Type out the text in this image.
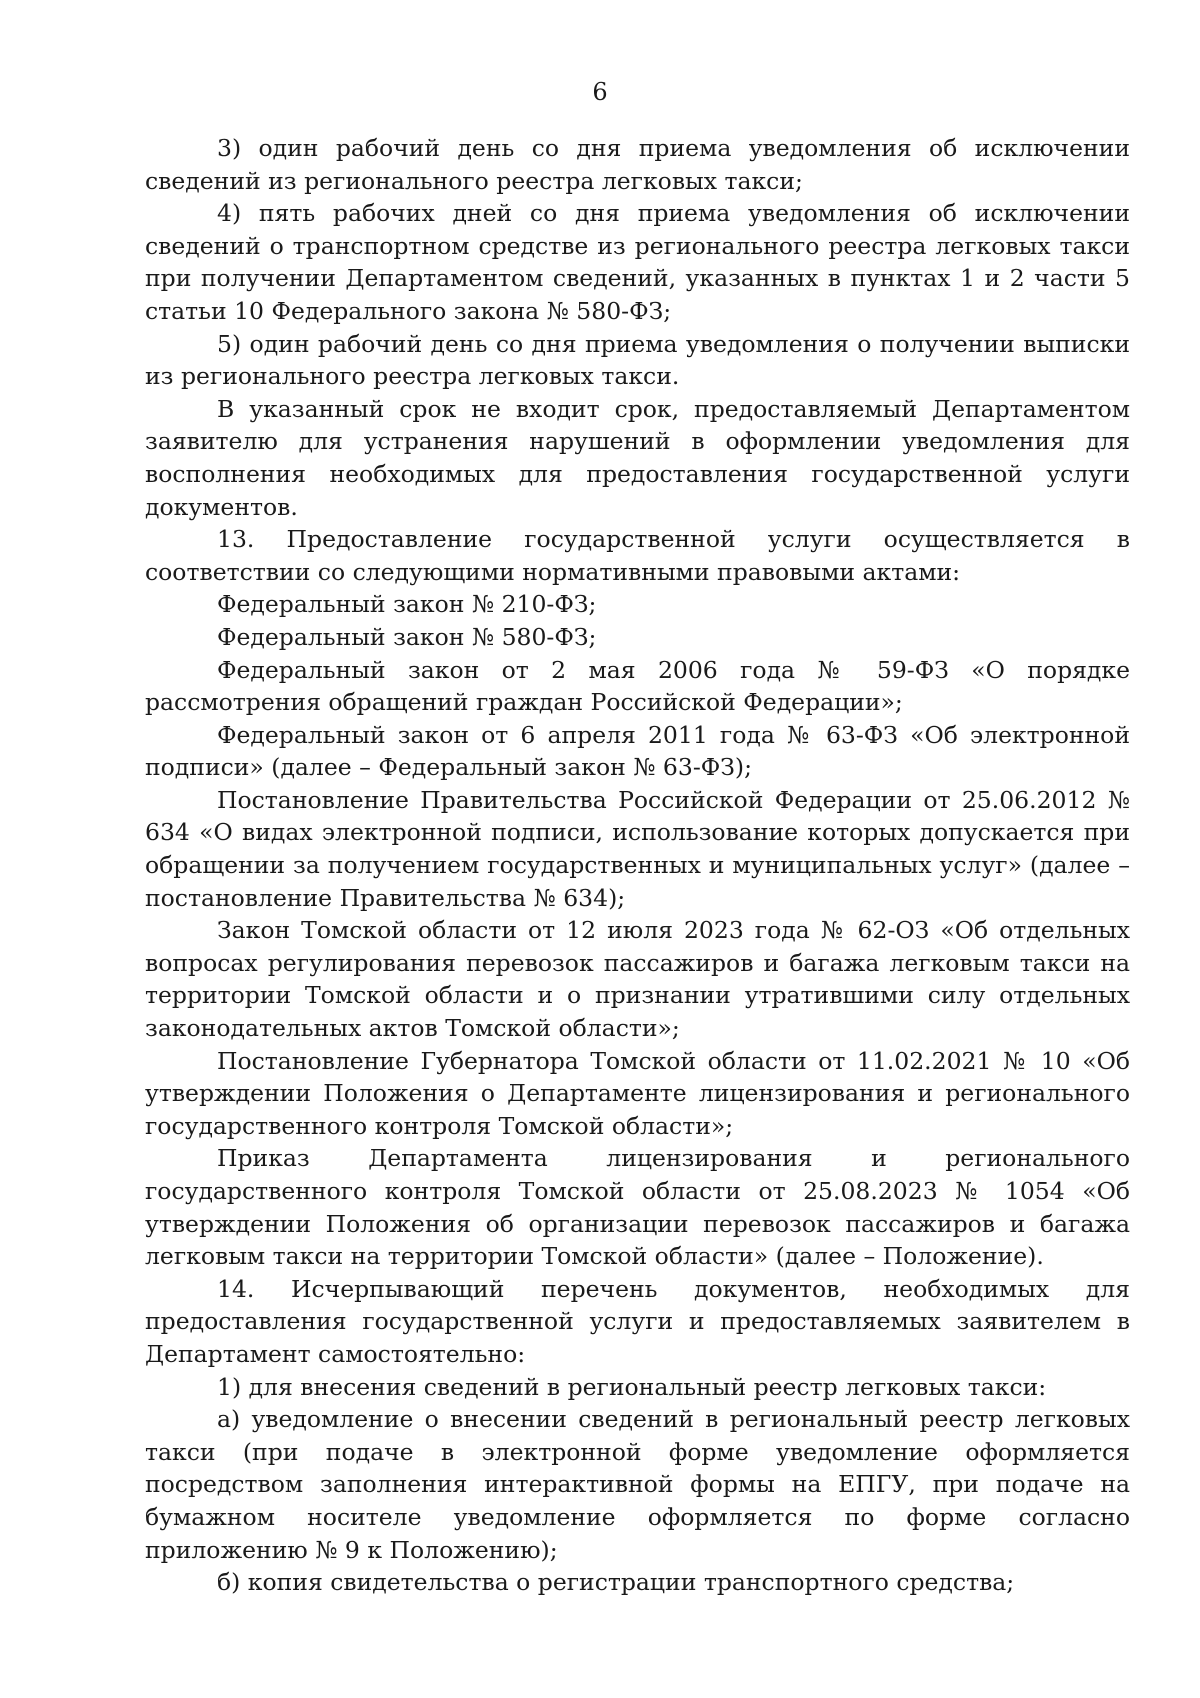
6

3) один рабочий день со дня приема уведомления об исключении сведений из регионального реестра легковых такси;

4) пять рабочих дней со дня приема уведомления об исключении сведений о транспортном средстве из регионального реестра легковых такси при получении Департаментом сведений, указанных в пунктах 1 и 2 части 5 статьи 10 Федерального закона № 580-ФЗ;

5) один рабочий день со дня приема уведомления о получении выписки из регионального реестра легковых такси.

В указанный срок не входит срок, предоставляемый Департаментом заявителю для устранения нарушений в оформлении уведомления для восполнения необходимых для предоставления государственной услуги документов.

13. Предоставление государственной услуги осуществляется в соответствии со следующими нормативными правовыми актами:

Федеральный закон № 210-ФЗ;

Федеральный закон № 580-ФЗ;

Федеральный закон от 2 мая 2006 года № 59-ФЗ «О порядке рассмотрения обращений граждан Российской Федерации»;

Федеральный закон от 6 апреля 2011 года № 63-ФЗ «Об электронной подписи» (далее – Федеральный закон № 63-ФЗ);

Постановление Правительства Российской Федерации от 25.06.2012 № 634 «О видах электронной подписи, использование которых допускается при обращении за получением государственных и муниципальных услуг» (далее – постановление Правительства № 634);

Закон Томской области от 12 июля 2023 года № 62-ОЗ «Об отдельных вопросах регулирования перевозок пассажиров и багажа легковым такси на территории Томской области и о признании утратившими силу отдельных законодательных актов Томской области»;

Постановление Губернатора Томской области от 11.02.2021 № 10 «Об утверждении Положения о Департаменте лицензирования и регионального государственного контроля Томской области»;

Приказ Департамента лицензирования и регионального государственного контроля Томской области от 25.08.2023 № 1054 «Об утверждении Положения об организации перевозок пассажиров и багажа легковым такси на территории Томской области» (далее – Положение).

14. Исчерпывающий перечень документов, необходимых для предоставления государственной услуги и предоставляемых заявителем в Департамент самостоятельно:

1) для внесения сведений в региональный реестр легковых такси:

а) уведомление о внесении сведений в региональный реестр легковых такси (при подаче в электронной форме уведомление оформляется посредством заполнения интерактивной формы на ЕПГУ, при подаче на бумажном носителе уведомление оформляется по форме согласно приложению № 9 к Положению);

б) копия свидетельства о регистрации транспортного средства;
